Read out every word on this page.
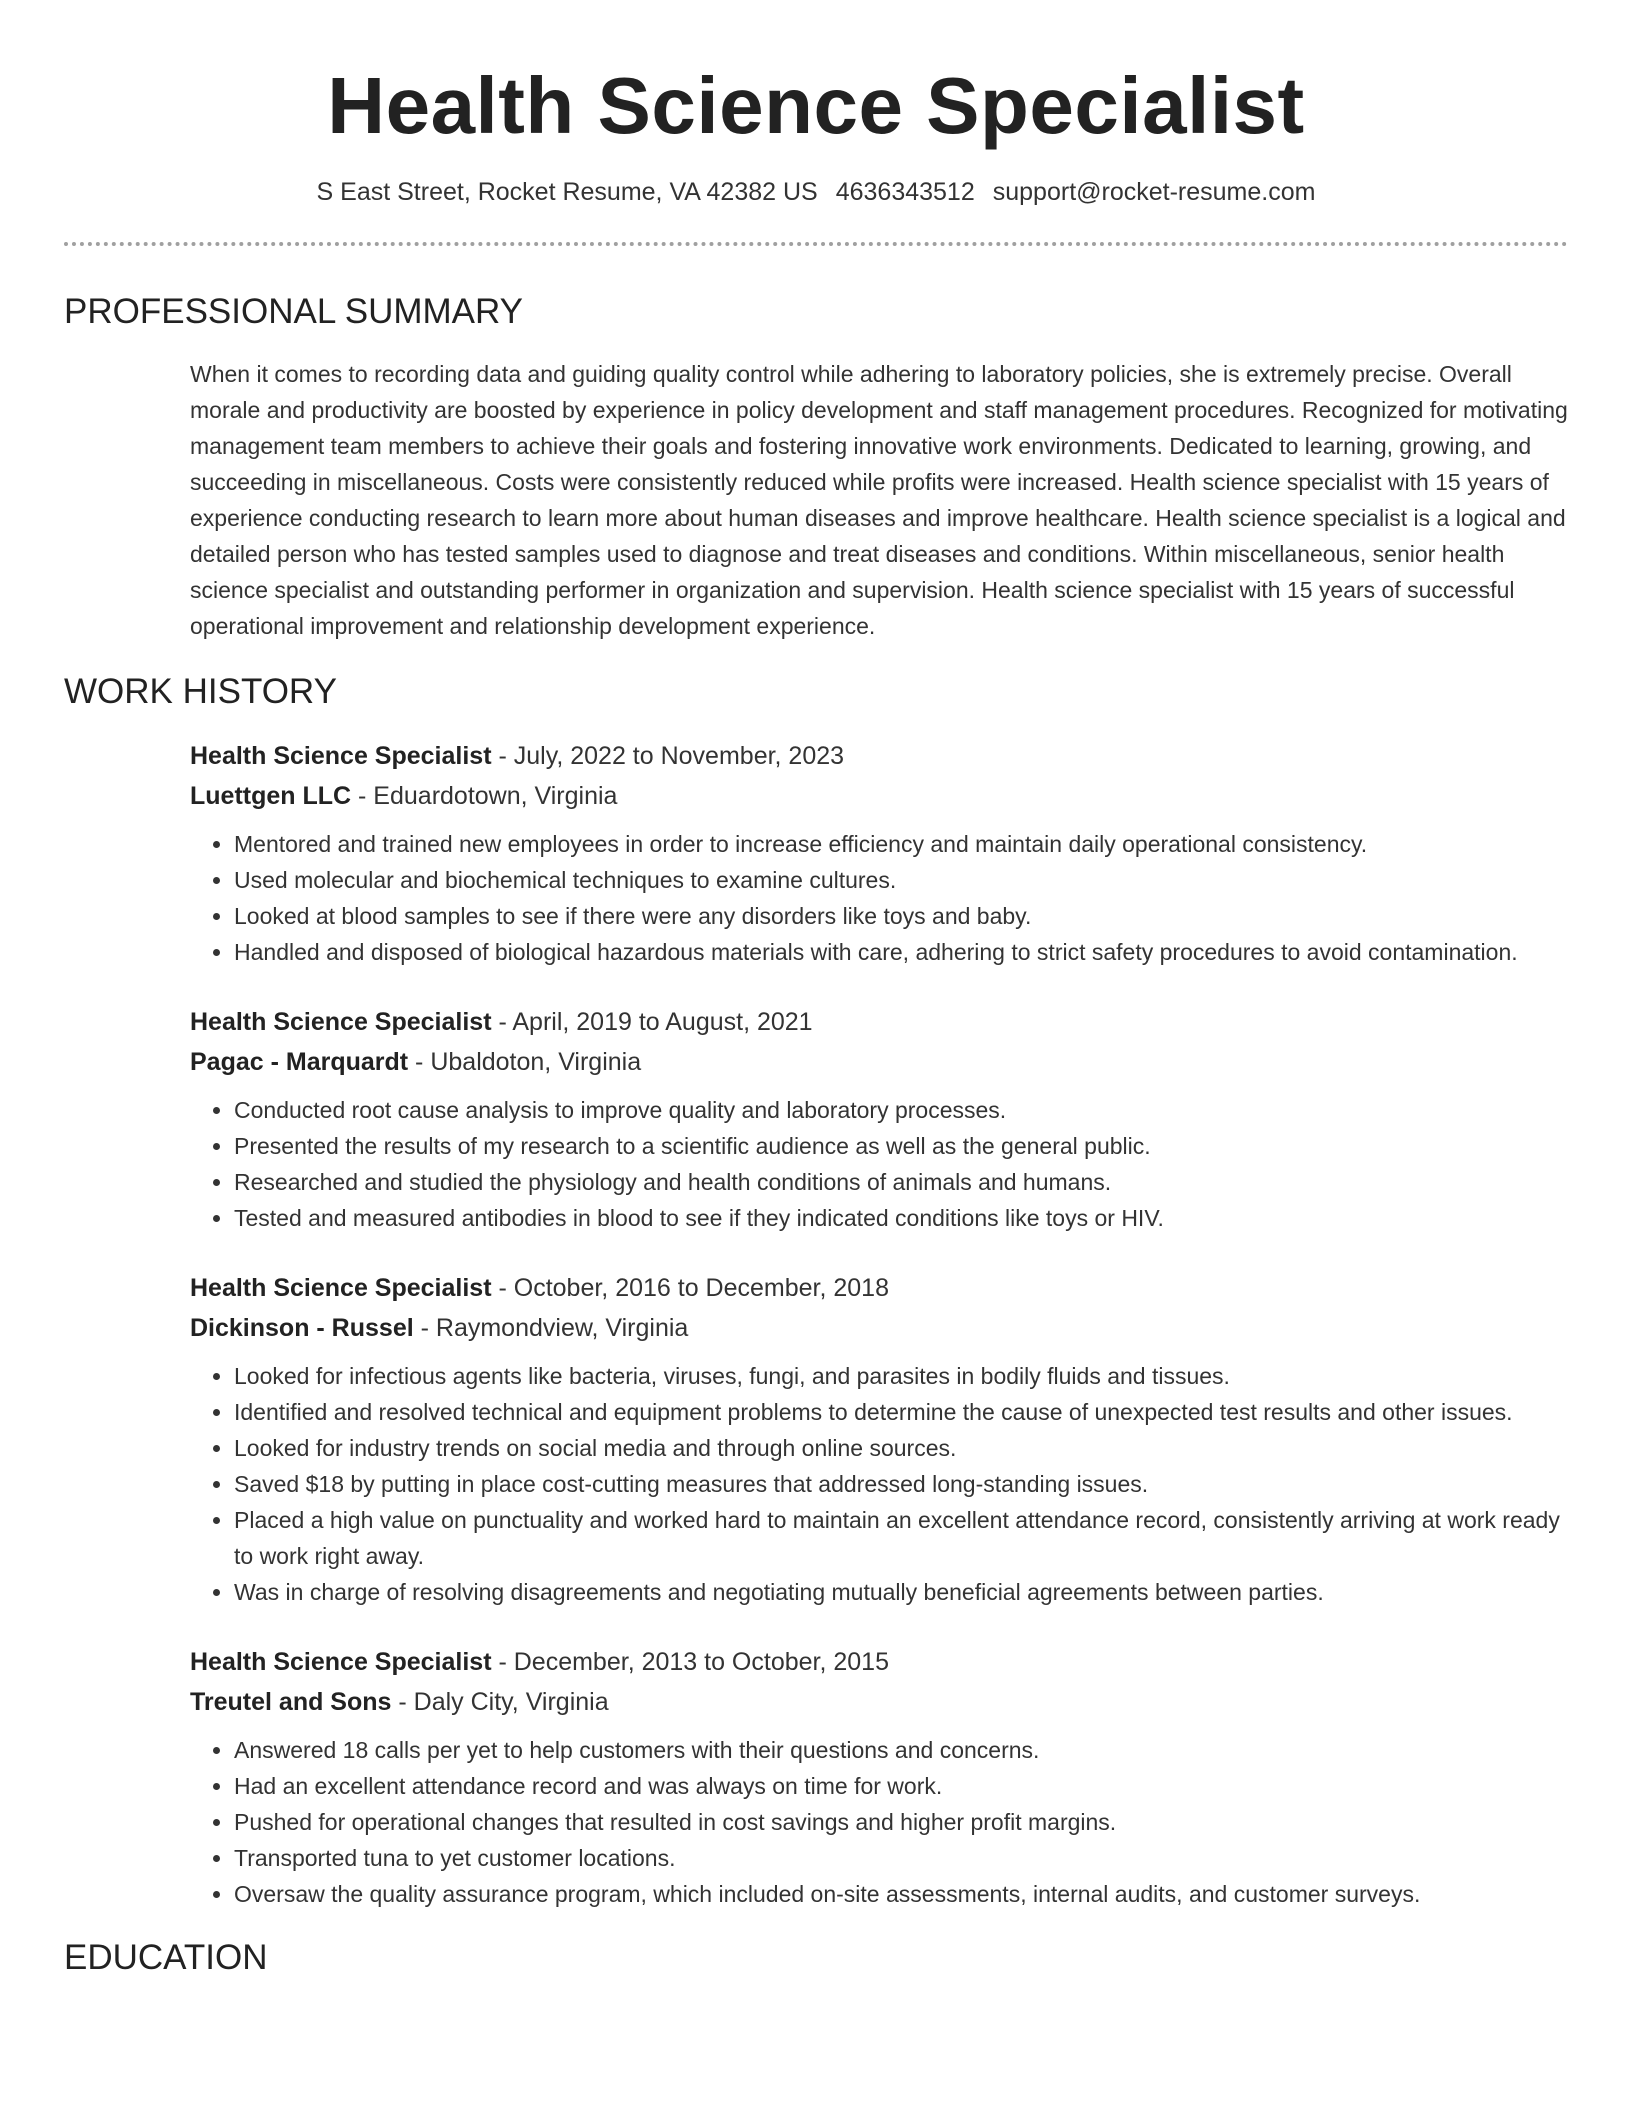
Health Science Specialist
S East Street, Rocket Resume, VA 42382 US 4636343512 support@rocket-resume.com
PROFESSIONAL SUMMARY

When it comes to recording data and guiding quality control while adhering to laboratory policies, she is extremely precise. Overall morale and productivity are boosted by experience in policy development and staff management procedures. Recognized for motivating management team members to achieve their goals and fostering innovative work environments. Dedicated to learning, growing, and succeeding in miscellaneous. Costs were consistently reduced while profits were increased. Health science specialist with 15 years of experience conducting research to learn more about human diseases and improve healthcare. Health science specialist is a logical and detailed person who has tested samples used to diagnose and treat diseases and conditions. Within miscellaneous, senior health science specialist and outstanding performer in organization and supervision. Health science specialist with 15 years of successful operational improvement and relationship development experience.

WORK HISTORY
Health Science Specialist - July, 2022 to November, 2023
Luettgen LLC - Eduardotown, Virginia
• Mentored and trained new employees in order to increase efficiency and maintain daily operational consistency.
• Used molecular and biochemical techniques to examine cultures.
• Looked at blood samples to see if there were any disorders like toys and baby.
• Handled and disposed of biological hazardous materials with care, adhering to strict safety procedures to avoid contamination.
Health Science Specialist - April, 2019 to August, 2021
Pagac - Marquardt - Ubaldoton, Virginia
• Conducted root cause analysis to improve quality and laboratory processes.
• Presented the results of my research to a scientific audience as well as the general public.
• Researched and studied the physiology and health conditions of animals and humans.
• Tested and measured antibodies in blood to see if they indicated conditions like toys or HIV.
Health Science Specialist - October, 2016 to December, 2018
Dickinson - Russel - Raymondview, Virginia
• Looked for infectious agents like bacteria, viruses, fungi, and parasites in bodily fluids and tissues.
• Identified and resolved technical and equipment problems to determine the cause of unexpected test results and other issues.
• Looked for industry trends on social media and through online sources.
• Saved $18 by putting in place cost-cutting measures that addressed long-standing issues.
• Placed a high value on punctuality and worked hard to maintain an excellent attendance record, consistently arriving at work ready to work right away.
• Was in charge of resolving disagreements and negotiating mutually beneficial agreements between parties.
Health Science Specialist - December, 2013 to October, 2015
Treutel and Sons - Daly City, Virginia
• Answered 18 calls per yet to help customers with their questions and concerns.
• Had an excellent attendance record and was always on time for work.
• Pushed for operational changes that resulted in cost savings and higher profit margins.
• Transported tuna to yet customer locations.
• Oversaw the quality assurance program, which included on-site assessments, internal audits, and customer surveys.
EDUCATION
